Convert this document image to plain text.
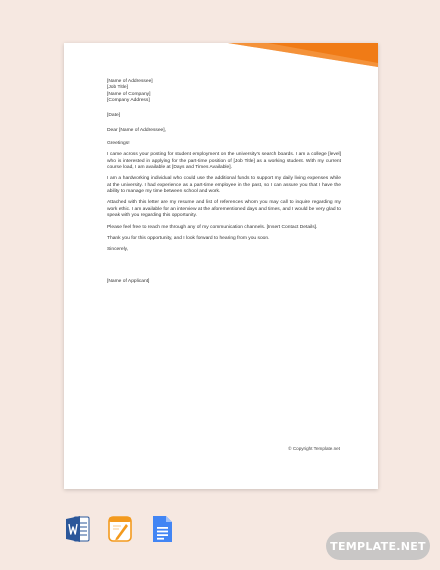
[Name of Addressee]
[Job Title]
[Name of Company]
[Company Address]
[Date]
Dear [Name of Addressee],

Greetings!

I came across your posting for student employment on the university's search boards. I am a college [level] who is interested in applying for the part-time position of [Job Title] as a working student. With my current course load, I am available at [Days and Times Available].

I am a hardworking individual who could use the additional funds to support my daily living expenses while at the university. I had experience as a part-time employee in the past, so I can assure you that I have the ability to manage my time between school and work.

Attached with this letter are my resume and list of references whom you may call to inquire regarding my work ethic. I am available for an interview at the aforementioned days and times, and I would be very glad to speak with you regarding this opportunity.

Please feel free to reach me through any of my communication channels. [Insert Contact Details].

Thank you for this opportunity, and I look forward to hearing from you soon.

Sincerely,

[Name of Applicant]

© Copyright Template.net
TEMPLATE.NET
